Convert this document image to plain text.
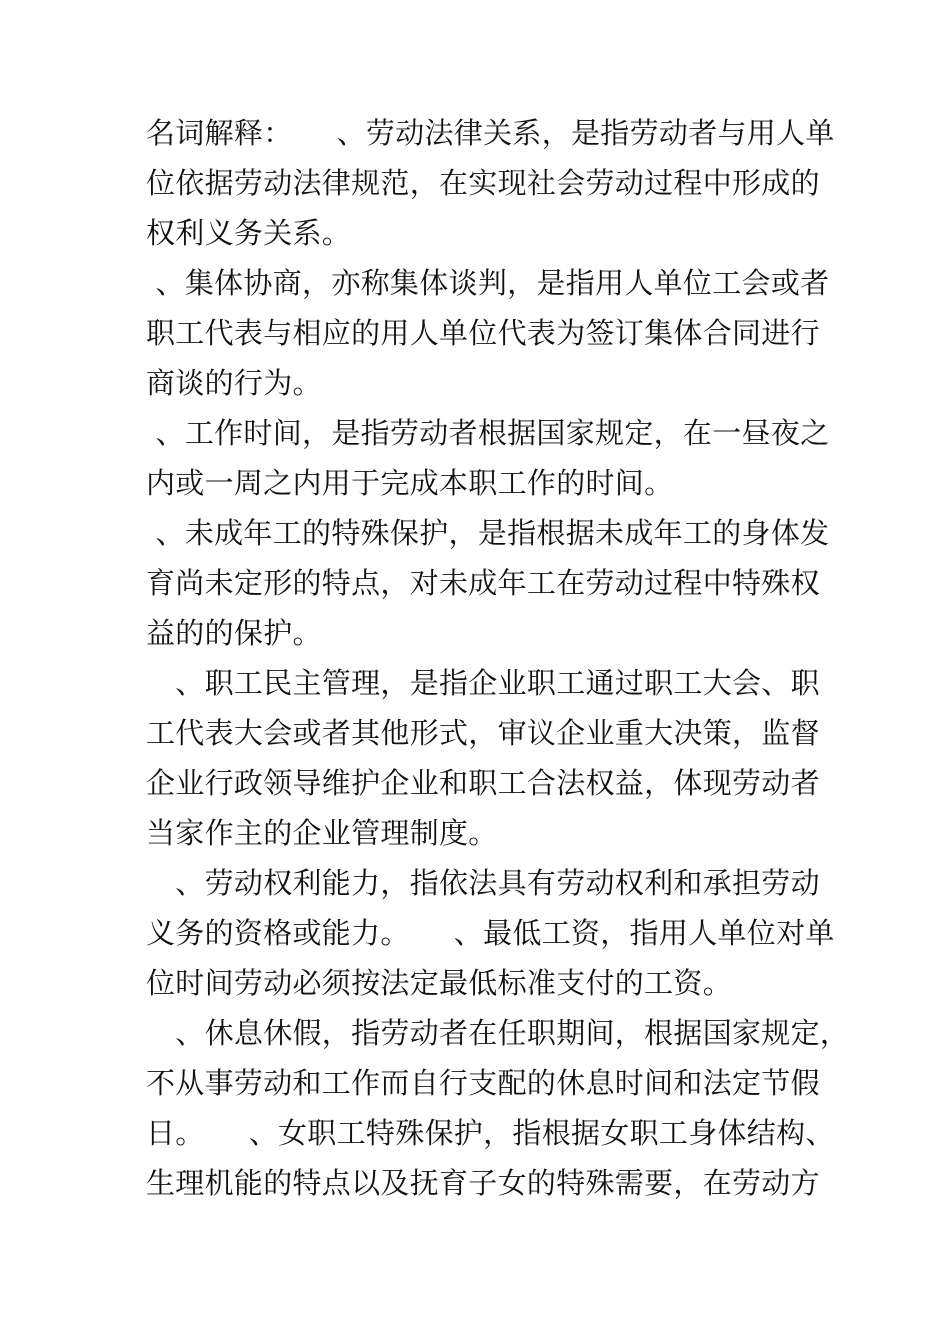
名词解释：　　、劳动法律关系，是指劳动者与用人单
位依据劳动法律规范，在实现社会劳动过程中形成的
权利义务关系。
、集体协商，亦称集体谈判，是指用人单位工会或者
职工代表与相应的用人单位代表为签订集体合同进行
商谈的行为。
、工作时间，是指劳动者根据国家规定，在一昼夜之
内或一周之内用于完成本职工作的时间。
、未成年工的特殊保护，是指根据未成年工的身体发
育尚未定形的特点，对未成年工在劳动过程中特殊权
益的的保护。
　、职工民主管理，是指企业职工通过职工大会、职
工代表大会或者其他形式，审议企业重大决策，监督
企业行政领导维护企业和职工合法权益，体现劳动者
当家作主的企业管理制度。
　、劳动权利能力，指依法具有劳动权利和承担劳动
义务的资格或能力。　　、最低工资，指用人单位对单
位时间劳动必须按法定最低标准支付的工资。
　、休息休假，指劳动者在任职期间，根据国家规定，
不从事劳动和工作而自行支配的休息时间和法定节假
日。　　、女职工特殊保护，指根据女职工身体结构、
生理机能的特点以及抚育子女的特殊需要，在劳动方
